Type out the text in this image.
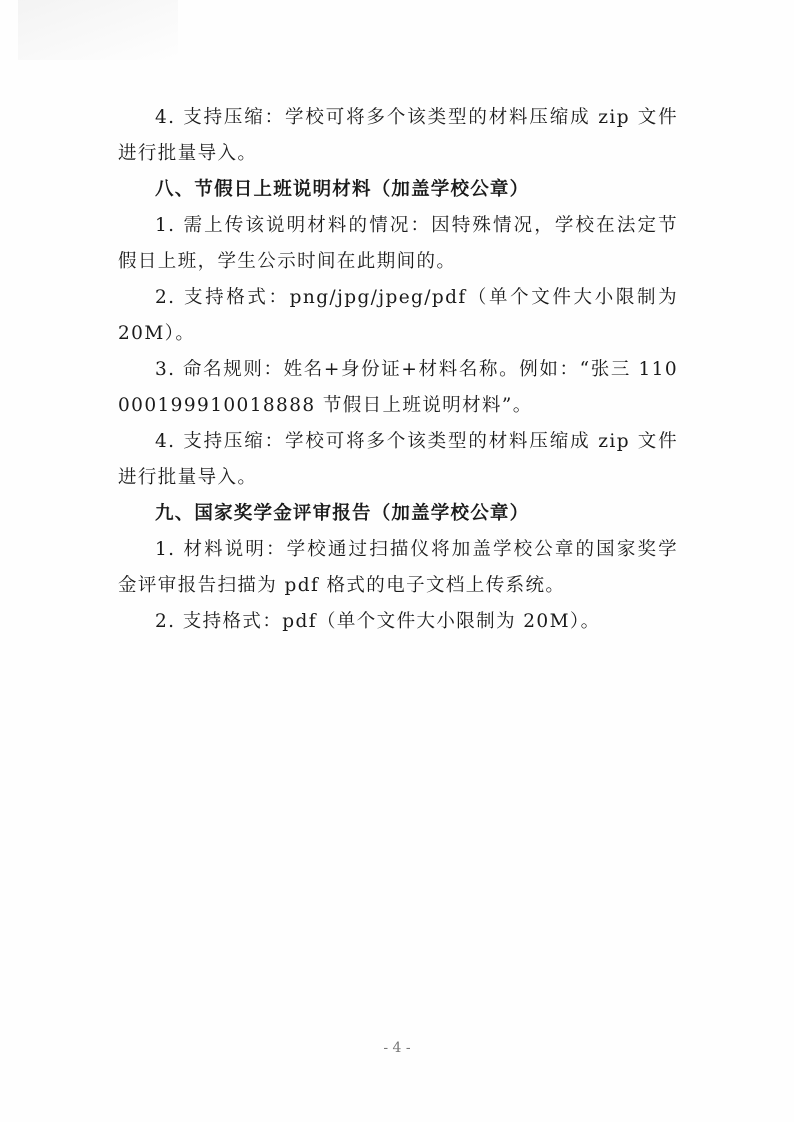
4. 支持压缩：学校可将多个该类型的材料压缩成 zip 文件进行批量导入。

八、节假日上班说明材料（加盖学校公章）

1. 需上传该说明材料的情况：因特殊情况，学校在法定节假日上班，学生公示时间在此期间的。

2. 支持格式：png/jpg/jpeg/pdf（单个文件大小限制为 20M）。

3. 命名规则：姓名+身份证+材料名称。例如：“张三 110000199910018888 节假日上班说明材料”。

4. 支持压缩：学校可将多个该类型的材料压缩成 zip 文件进行批量导入。

九、国家奖学金评审报告（加盖学校公章）

1. 材料说明：学校通过扫描仪将加盖学校公章的国家奖学金评审报告扫描为 pdf 格式的电子文档上传系统。

2. 支持格式：pdf（单个文件大小限制为 20M）。

- 4 -
